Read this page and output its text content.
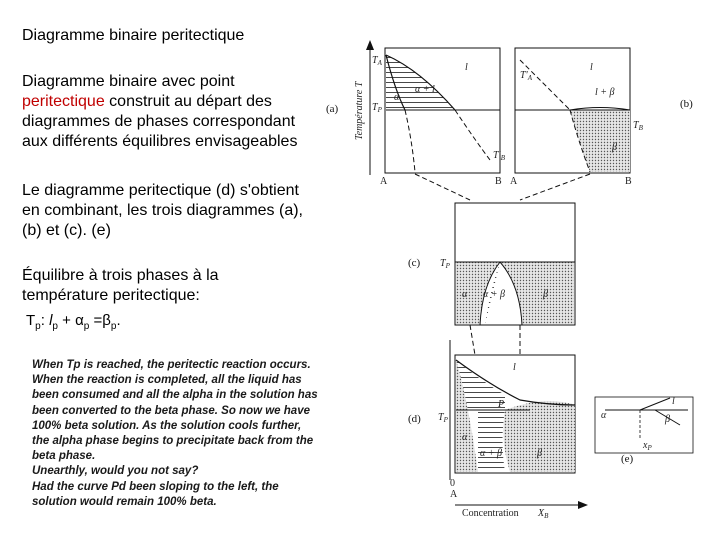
Diagramme binaire peritectique
Diagramme binaire avec point
peritectique construit au départ des
diagrammes de phases correspondant
aux différents équilibres envisageables
Le diagramme peritectique (d) s'obtient
en combinant, les trois diagrammes (a),
(b) et (c). (e)
Équilibre à trois phases à la
température peritectique:
$T_p$: $l_p + \alpha_p =\beta_p$.
When Tp is reached, the peritectic reaction occurs.
When the reaction is completed, all the liquid has
been consumed and all the alpha in the solution has
been converted to the beta phase. So now we have
100% beta solution. As the solution cools further,
the alpha phase begins to precipitate back from the
beta phase.
Unearthly, would you not say?
Had the curve Pd been sloping to the left, the
solution would remain 100% beta.
$T_A$
$T_P$
l
α
α + l
$T'_B$
(a) Température T
A	B
$T'_A$
l
l + β
β
$T_B$
(b)
A	B
$T_P$
α α + β	β
(c)
l
α
α + β	β
P
$T_P$
(d)
0
A
Concentration $X_B$
α	β
l
$x_P$
(e)
